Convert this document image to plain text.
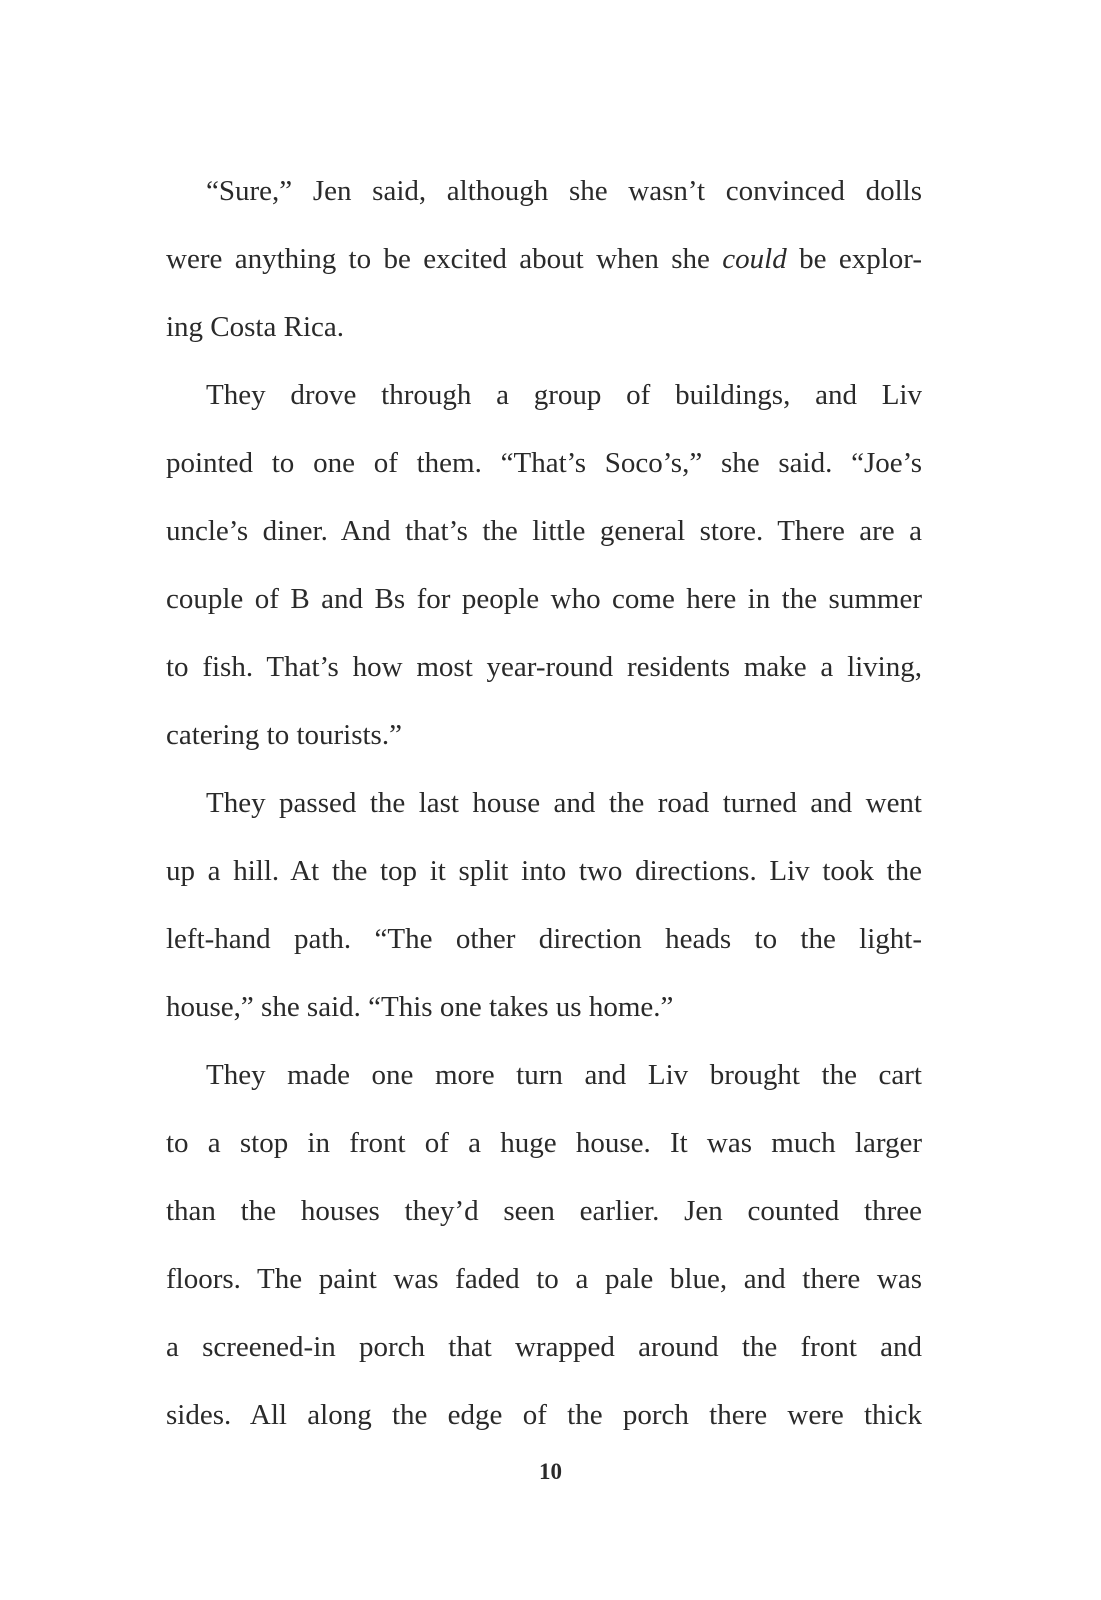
“Sure,” Jen said, although she wasn’t convinced dolls
were anything to be excited about when she could be explor-
ing Costa Rica.
They drove through a group of buildings, and Liv
pointed to one of them. “That’s Soco’s,” she said. “Joe’s
uncle’s diner. And that’s the little general store. There are a
couple of B and Bs for people who come here in the summer
to fish. That’s how most year-round residents make a living,
catering to tourists.”
They passed the last house and the road turned and went
up a hill. At the top it split into two directions. Liv took the
left-hand path. “The other direction heads to the light-
house,” she said. “This one takes us home.”
They made one more turn and Liv brought the cart
to a stop in front of a huge house. It was much larger
than the houses they’d seen earlier. Jen counted three
floors. The paint was faded to a pale blue, and there was
a screened-in porch that wrapped around the front and
sides. All along the edge of the porch there were thick
10
